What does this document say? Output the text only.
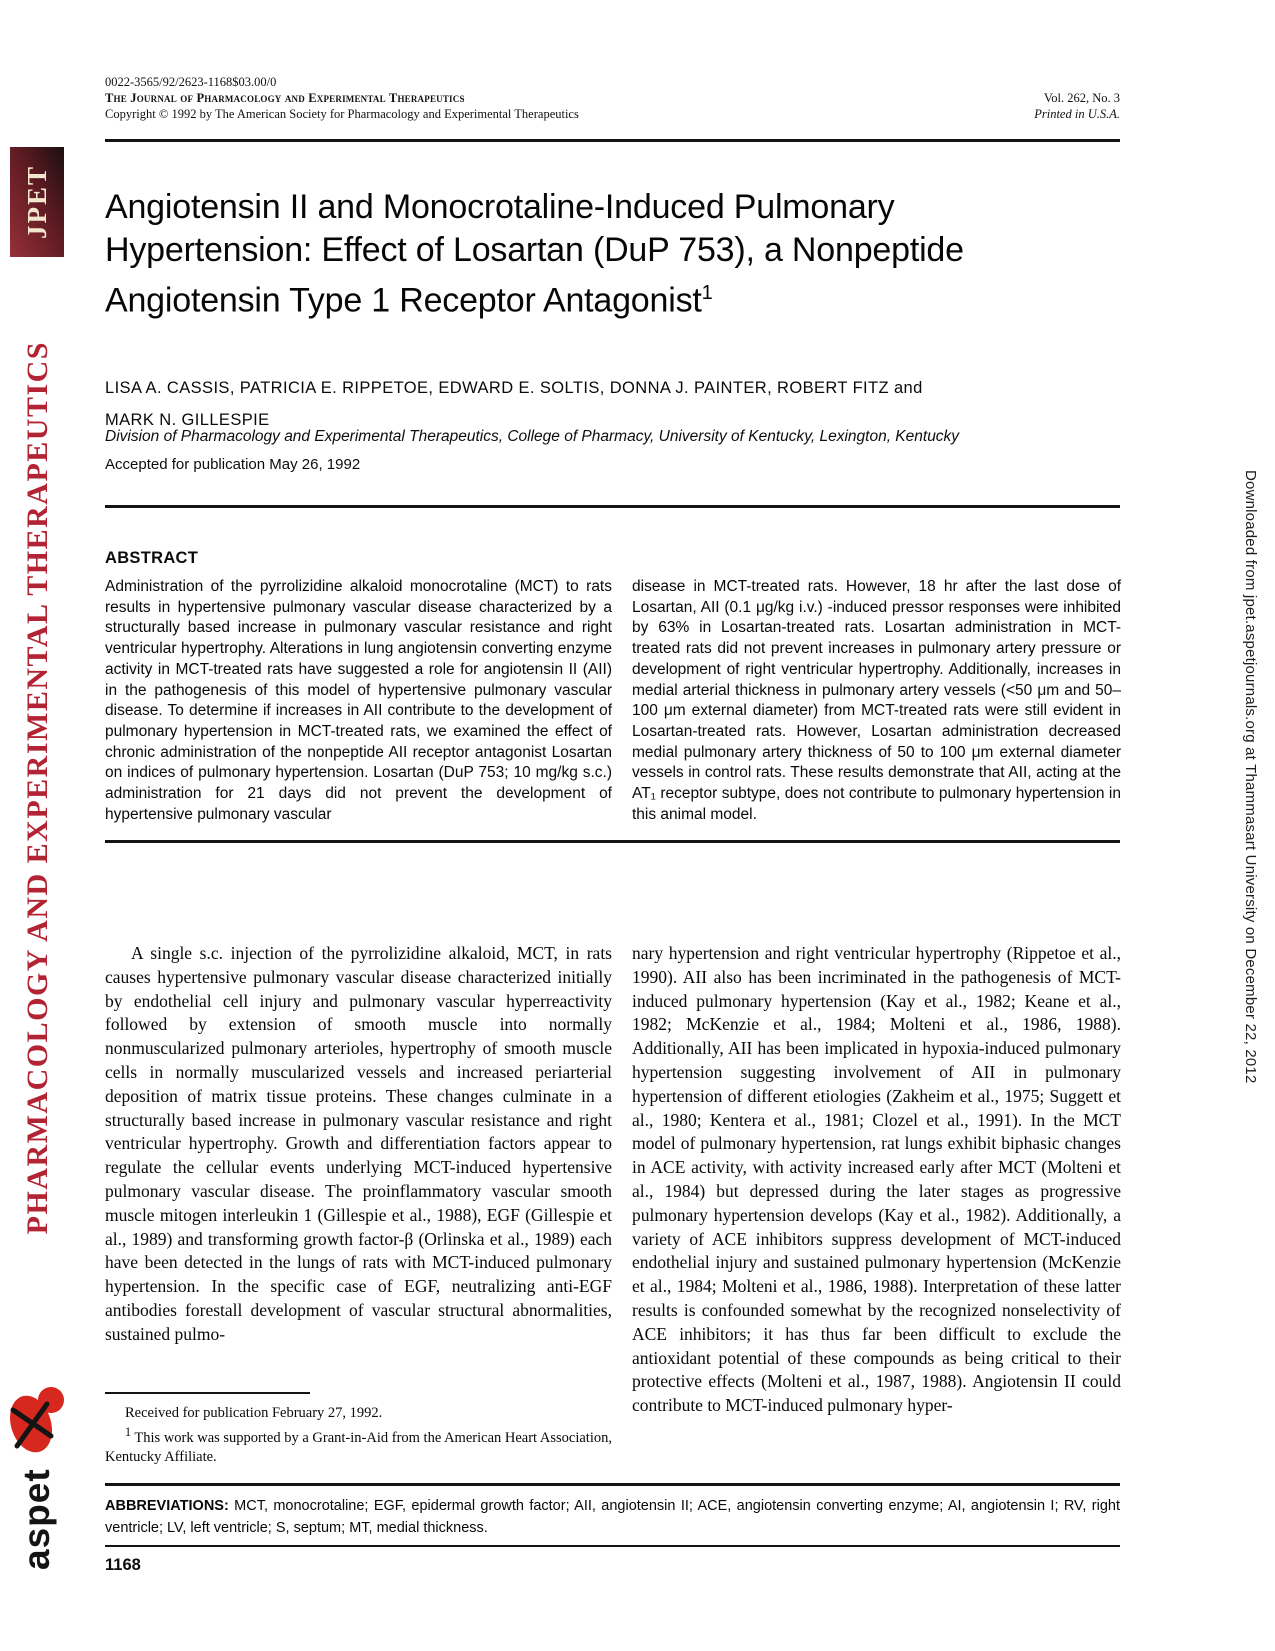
JPET
PHARMACOLOGY AND EXPERIMENTAL THERAPEUTICS
aspet
Downloaded from jpet.aspetjournals.org at Thammasart University on December 22, 2012
0022-3565/92/2623-1168$03.00/0
The Journal of Pharmacology and Experimental Therapeutics
Copyright © 1992 by The American Society for Pharmacology and Experimental Therapeutics
Vol. 262, No. 3
Printed in U.S.A.
Angiotensin II and Monocrotaline-Induced Pulmonary
Hypertension: Effect of Losartan (DuP 753), a Nonpeptide
Angiotensin Type 1 Receptor Antagonist$^1$
LISA A. CASSIS, PATRICIA E. RIPPETOE, EDWARD E. SOLTIS, DONNA J. PAINTER, ROBERT FITZ and
MARK N. GILLESPIE
Division of Pharmacology and Experimental Therapeutics, College of Pharmacy, University of Kentucky, Lexington, Kentucky
Accepted for publication May 26, 1992
ABSTRACT
Administration of the pyrrolizidine alkaloid monocrotaline (MCT) to rats results in hypertensive pulmonary vascular disease characterized by a structurally based increase in pulmonary vascular resistance and right ventricular hypertrophy. Alterations in lung angiotensin converting enzyme activity in MCT-treated rats have suggested a role for angiotensin II (AII) in the pathogenesis of this model of hypertensive pulmonary vascular disease. To determine if increases in AII contribute to the development of pulmonary hypertension in MCT-treated rats, we examined the effect of chronic administration of the nonpeptide AII receptor antagonist Losartan on indices of pulmonary hypertension. Losartan (DuP 753; 10 mg/kg s.c.) administration for 21 days did not prevent the development of hypertensive pulmonary vascular
disease in MCT-treated rats. However, 18 hr after the last dose of Losartan, AII (0.1 μg/kg i.v.) -induced pressor responses were inhibited by 63% in Losartan-treated rats. Losartan administration in MCT-treated rats did not prevent increases in pulmonary artery pressure or development of right ventricular hypertrophy. Additionally, increases in medial arterial thickness in pulmonary artery vessels (<50 μm and 50–100 μm external diameter) from MCT-treated rats were still evident in Losartan-treated rats. However, Losartan administration decreased medial pulmonary artery thickness of 50 to 100 μm external diameter vessels in control rats. These results demonstrate that AII, acting at the AT₁ receptor subtype, does not contribute to pulmonary hypertension in this animal model.
A single s.c. injection of the pyrrolizidine alkaloid, MCT, in rats causes hypertensive pulmonary vascular disease characterized initially by endothelial cell injury and pulmonary vascular hyperreactivity followed by extension of smooth muscle into normally nonmuscularized pulmonary arterioles, hypertrophy of smooth muscle cells in normally muscularized vessels and increased periarterial deposition of matrix tissue proteins. These changes culminate in a structurally based increase in pulmonary vascular resistance and right ventricular hypertrophy. Growth and differentiation factors appear to regulate the cellular events underlying MCT-induced hypertensive pulmonary vascular disease. The proinflammatory vascular smooth muscle mitogen interleukin 1 (Gillespie et al., 1988), EGF (Gillespie et al., 1989) and transforming growth factor-β (Orlinska et al., 1989) each have been detected in the lungs of rats with MCT-induced pulmonary hypertension. In the specific case of EGF, neutralizing anti-EGF antibodies forestall development of vascular structural abnormalities, sustained pulmo-
nary hypertension and right ventricular hypertrophy (Rippetoe et al., 1990). AII also has been incriminated in the pathogenesis of MCT-induced pulmonary hypertension (Kay et al., 1982; Keane et al., 1982; McKenzie et al., 1984; Molteni et al., 1986, 1988). Additionally, AII has been implicated in hypoxia-induced pulmonary hypertension suggesting involvement of AII in pulmonary hypertension of different etiologies (Zakheim et al., 1975; Suggett et al., 1980; Kentera et al., 1981; Clozel et al., 1991). In the MCT model of pulmonary hypertension, rat lungs exhibit biphasic changes in ACE activity, with activity increased early after MCT (Molteni et al., 1984) but depressed during the later stages as progressive pulmonary hypertension develops (Kay et al., 1982). Additionally, a variety of ACE inhibitors suppress development of MCT-induced endothelial injury and sustained pulmonary hypertension (McKenzie et al., 1984; Molteni et al., 1986, 1988). Interpretation of these latter results is confounded somewhat by the recognized nonselectivity of ACE inhibitors; it has thus far been difficult to exclude the antioxidant potential of these compounds as being critical to their protective effects (Molteni et al., 1987, 1988). Angiotensin II could contribute to MCT-induced pulmonary hyper-
Received for publication February 27, 1992.
$^1$ This work was supported by a Grant-in-Aid from the American Heart Association, Kentucky Affiliate.
ABBREVIATIONS: MCT, monocrotaline; EGF, epidermal growth factor; AII, angiotensin II; ACE, angiotensin converting enzyme; AI, angiotensin I; RV, right ventricle; LV, left ventricle; S, septum; MT, medial thickness.
1168
